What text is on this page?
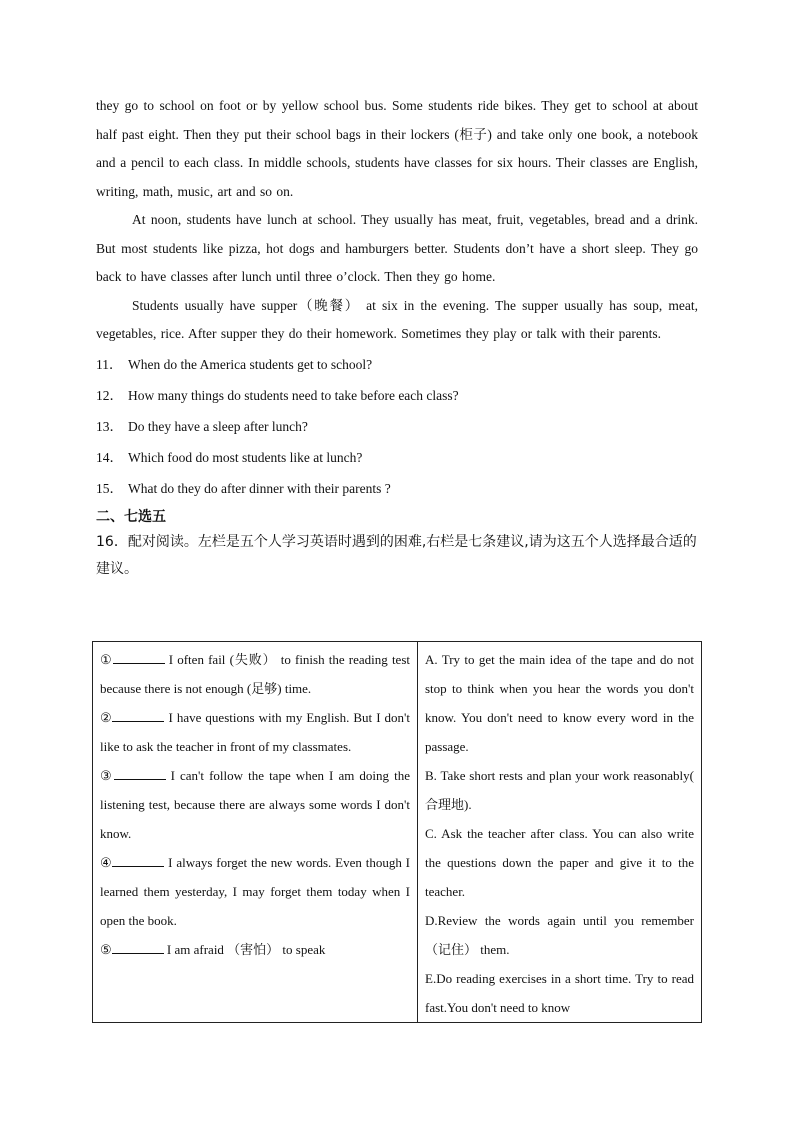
they go to school on foot or by yellow school bus. Some students ride bikes. They get to school at about half past eight. Then they put their school bags in their lockers (柜子) and take only one book, a notebook and a pencil to each class. In middle schools, students have classes for six hours. Their classes are English, writing, math, music, art and so on.

At noon, students have lunch at school. They usually has meat, fruit, vegetables, bread and a drink. But most students like pizza, hot dogs and hamburgers better. Students don’t have a short sleep. They go back to have classes after lunch until three o’clock. Then they go home.

Students usually have supper（晚餐） at six in the evening. The supper usually has soup, meat, vegetables, rice. After supper they do their homework. Sometimes they play or talk with their parents.

11． When do the America students get to school?

12． How many things do students need to take before each class?

13． Do they have a sleep after lunch?

14． Which food do most students like at lunch?

15． What do they do after dinner with their parents ?

二、七选五

16．配对阅读。左栏是五个人学习英语时遇到的困难,右栏是七条建议,请为这五个人选择最合适的建议。

①	I often fail (失败） to finish the reading test because there is not enough (足够) time.

②	I have questions with my English. But I don't like to ask the teacher in front of my classmates.

③	I can't follow the tape when I am doing the listening test, because there are always some words I don't know.

④	I always forget the new words. Even though I learned them yesterday, I may forget them today when I open the book.

⑤	I am afraid （害怕） to speak

A. Try to get the main idea of the tape and do not stop to think when you hear the words you don't know. You don't need to know every word in the passage.

B. Take short rests and plan your work reasonably( 合理地).

C. Ask the teacher after class. You can also write the questions down the paper and give it to the teacher.

D.Review the words again until you remember （记住） them.

E.Do reading exercises in a short time. Try to read fast.You don't need to know
